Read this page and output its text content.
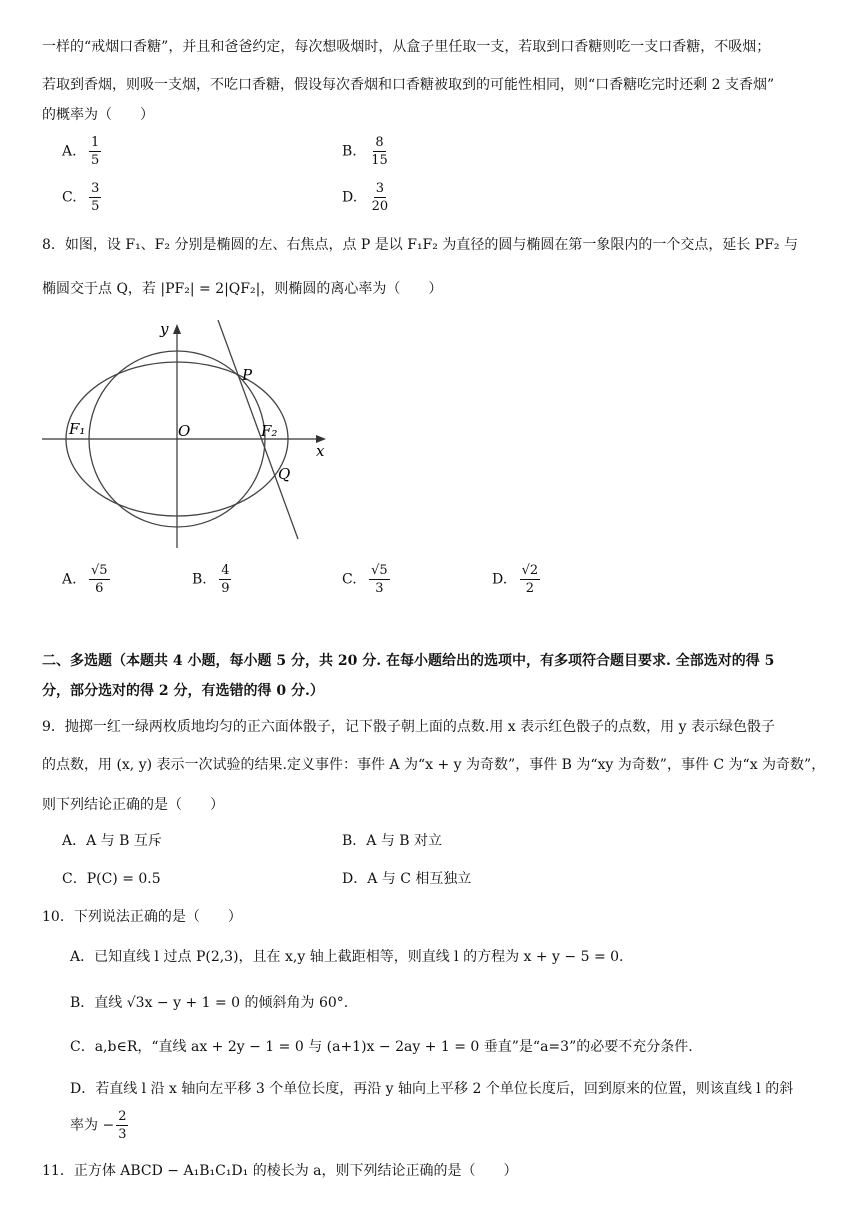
一样的“戒烟口香糖”，并且和爸爸约定，每次想吸烟时，从盒子里任取一支，若取到口香糖则吃一支口香糖，不吸烟；
若取到香烟，则吸一支烟，不吃口香糖，假设每次香烟和口香糖被取到的可能性相同，则“口香糖吃完时还剩 2 支香烟”
的概率为（　　）
A. $\frac{1}{5}$	B. $\frac{8}{15}$
C. $\frac{3}{5}$	D. $\frac{3}{20}$
8．如图，设 F₁、F₂ 分别是椭圆的左、右焦点，点 P 是以 F₁F₂ 为直径的圆与椭圆在第一象限内的一个交点，延长 PF₂ 与
椭圆交于点 Q，若 |PF₂| = 2|QF₂|，则椭圆的离心率为（　　）
y
x
O
P
Q
F₁	F₂
A. $\frac{√5}{6}$	B. $\frac{4}{9}$	C. $\frac{√5}{3}$	D. $\frac{√2}{2}$
二、多选题（本题共 4 小题，每小题 5 分，共 20 分. 在每小题给出的选项中，有多项符合题目要求. 全部选对的得 5
分，部分选对的得 2 分，有选错的得 0 分.）
9．抛掷一红一绿两枚质地均匀的正六面体骰子，记下骰子朝上面的点数.用 x 表示红色骰子的点数，用 y 表示绿色骰子
的点数，用 (x, y) 表示一次试验的结果.定义事件：事件 A 为“x + y 为奇数”，事件 B 为“xy 为奇数”，事件 C 为“x 为奇数”，
则下列结论正确的是（　　）
A．A 与 B 互斥	B．A 与 B 对立
C．P(C) = 0.5	D．A 与 C 相互独立
10．下列说法正确的是（　　）
A．已知直线 l 过点 P(2,3)，且在 x,y 轴上截距相等，则直线 l 的方程为 x + y − 5 = 0.
B．直线 √3x − y + 1 = 0 的倾斜角为 60°.
C．a,b∈R，“直线 ax + 2y − 1 = 0 与 (a+1)x − 2ay + 1 = 0 垂直”是“a=3”的必要不充分条件.
D．若直线 l 沿 x 轴向左平移 3 个单位长度，再沿 y 轴向上平移 2 个单位长度后，回到原来的位置，则该直线 l 的斜
率为 − $\frac{2}{3}$
11．正方体 ABCD − A₁B₁C₁D₁ 的棱长为 a，则下列结论正确的是（　　）
